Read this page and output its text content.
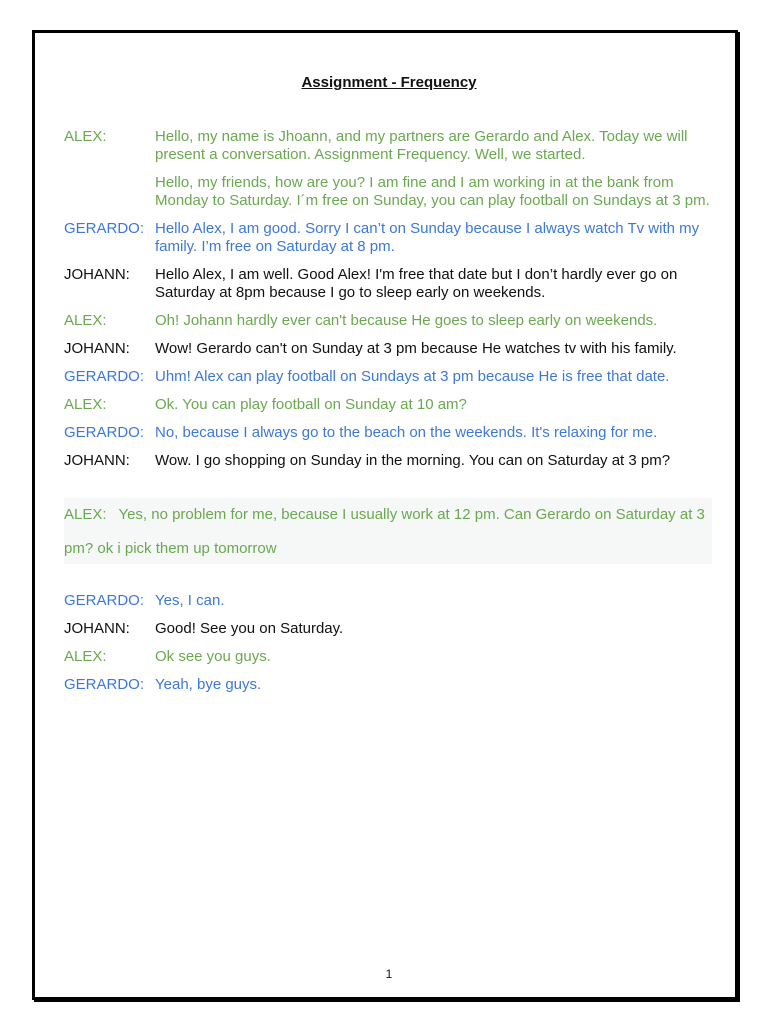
Assignment - Frequency
ALEX:	Hello, my name is Jhoann, and my partners are Gerardo and Alex. Today we will present a conversation. Assignment Frequency. Well, we started.
Hello, my friends, how are you? I am fine and I am working in at the bank from Monday to Saturday. I´m free on Sunday, you can play football on Sundays at 3 pm.
GERARDO: Hello Alex, I am good. Sorry I can’t on Sunday because I always watch Tv with my family. I’m free on Saturday at 8 pm.
JOHANN:	Hello Alex, I am well. Good Alex! I'm free that date but I don’t hardly ever go on Saturday at 8pm because I go to sleep early on weekends.
ALEX:	Oh! Johann hardly ever can't because He goes to sleep early on weekends.
JOHANN:	Wow! Gerardo can't on Sunday at 3 pm because He watches tv with his family.
GERARDO: Uhm! Alex can play football on Sundays at 3 pm because He is free that date.
ALEX:	Ok. You can play football on Sunday at 10 am?
GERARDO: No, because I always go to the beach on the weekends. It's relaxing for me.
JOHANN:	Wow. I go shopping on Sunday in the morning. You can on Saturday at 3 pm?
ALEX: Yes, no problem for me, because I usually work at 12 pm. Can Gerardo on Saturday at 3 pm? ok i pick them up tomorrow
GERARDO: Yes, I can.
JOHANN:	Good! See you on Saturday.
ALEX:	Ok see you guys.
GERARDO: Yeah, bye guys.
1
